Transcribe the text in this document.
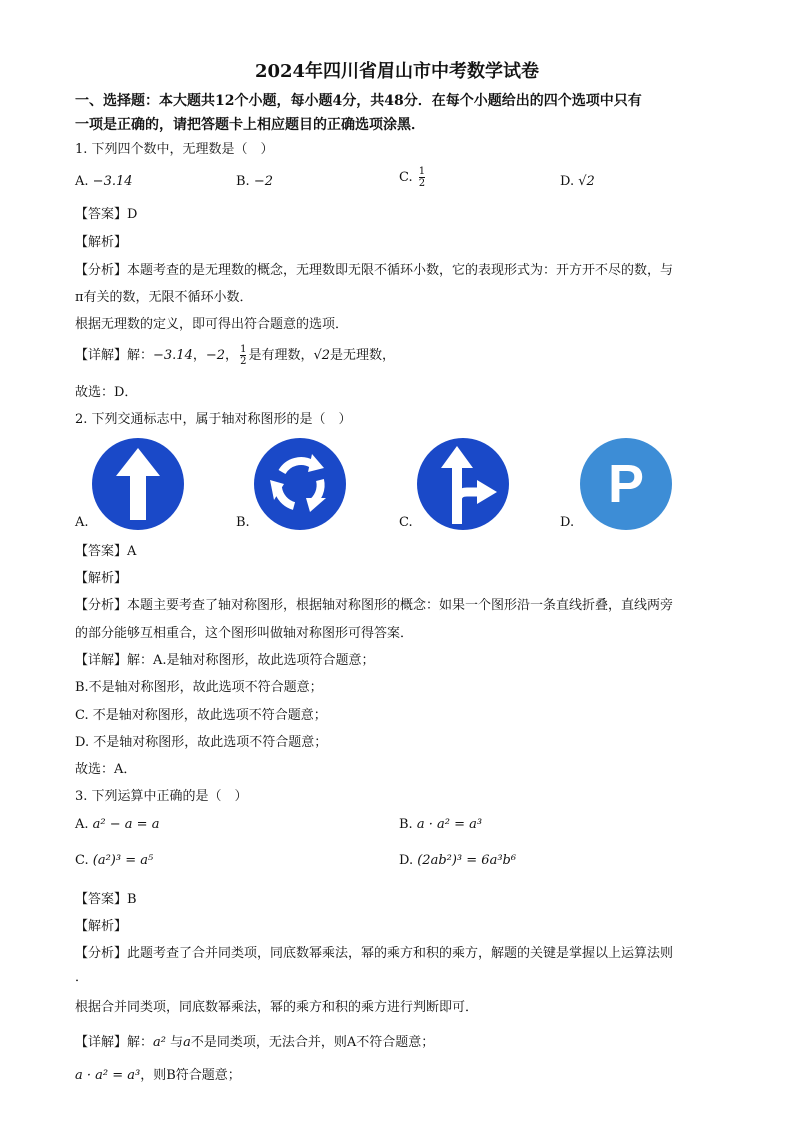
2024年四川省眉山市中考数学试卷
一、选择题：本大题共12个小题，每小题4分，共48分．在每个小题给出的四个选项中只有
一项是正确的，请把答题卡上相应题目的正确选项涂黑．
1. 下列四个数中，无理数是（　）
A. −3.14	B. −2	C. $\frac{1}{2}$	D. √2
【答案】D
【解析】
【分析】本题考查的是无理数的概念，无理数即无限不循环小数，它的表现形式为：开方开不尽的数，与
π有关的数，无限不循环小数．
根据无理数的定义，即可得出符合题意的选项．
【详解】解：−3.14，−2， $\frac{1}{2}$ 是有理数，√2是无理数，
故选：D．
2. 下列交通标志中，属于轴对称图形的是（　）
P
A.	B.	C.	D.
【答案】A
【解析】
【分析】本题主要考查了轴对称图形，根据轴对称图形的概念：如果一个图形沿一条直线折叠，直线两旁
的部分能够互相重合，这个图形叫做轴对称图形可得答案．
【详解】解：A.是轴对称图形，故此选项符合题意；
B.不是轴对称图形，故此选项不符合题意；
C. 不是轴对称图形，故此选项不符合题意；
D. 不是轴对称图形，故此选项不符合题意；
故选：A．
3. 下列运算中正确的是（　）
A. a² − a = a	B. a · a² = a³
C. (a²)³ = a⁵	D. (2ab²)³ = 6a³b⁶
【答案】B
【解析】
【分析】此题考查了合并同类项，同底数幂乘法，幂的乘方和积的乘方，解题的关键是掌握以上运算法则
．
根据合并同类项，同底数幂乘法，幂的乘方和积的乘方进行判断即可．
【详解】解：a² 与a不是同类项，无法合并，则A不符合题意；
a · a² = a³，则B符合题意；
